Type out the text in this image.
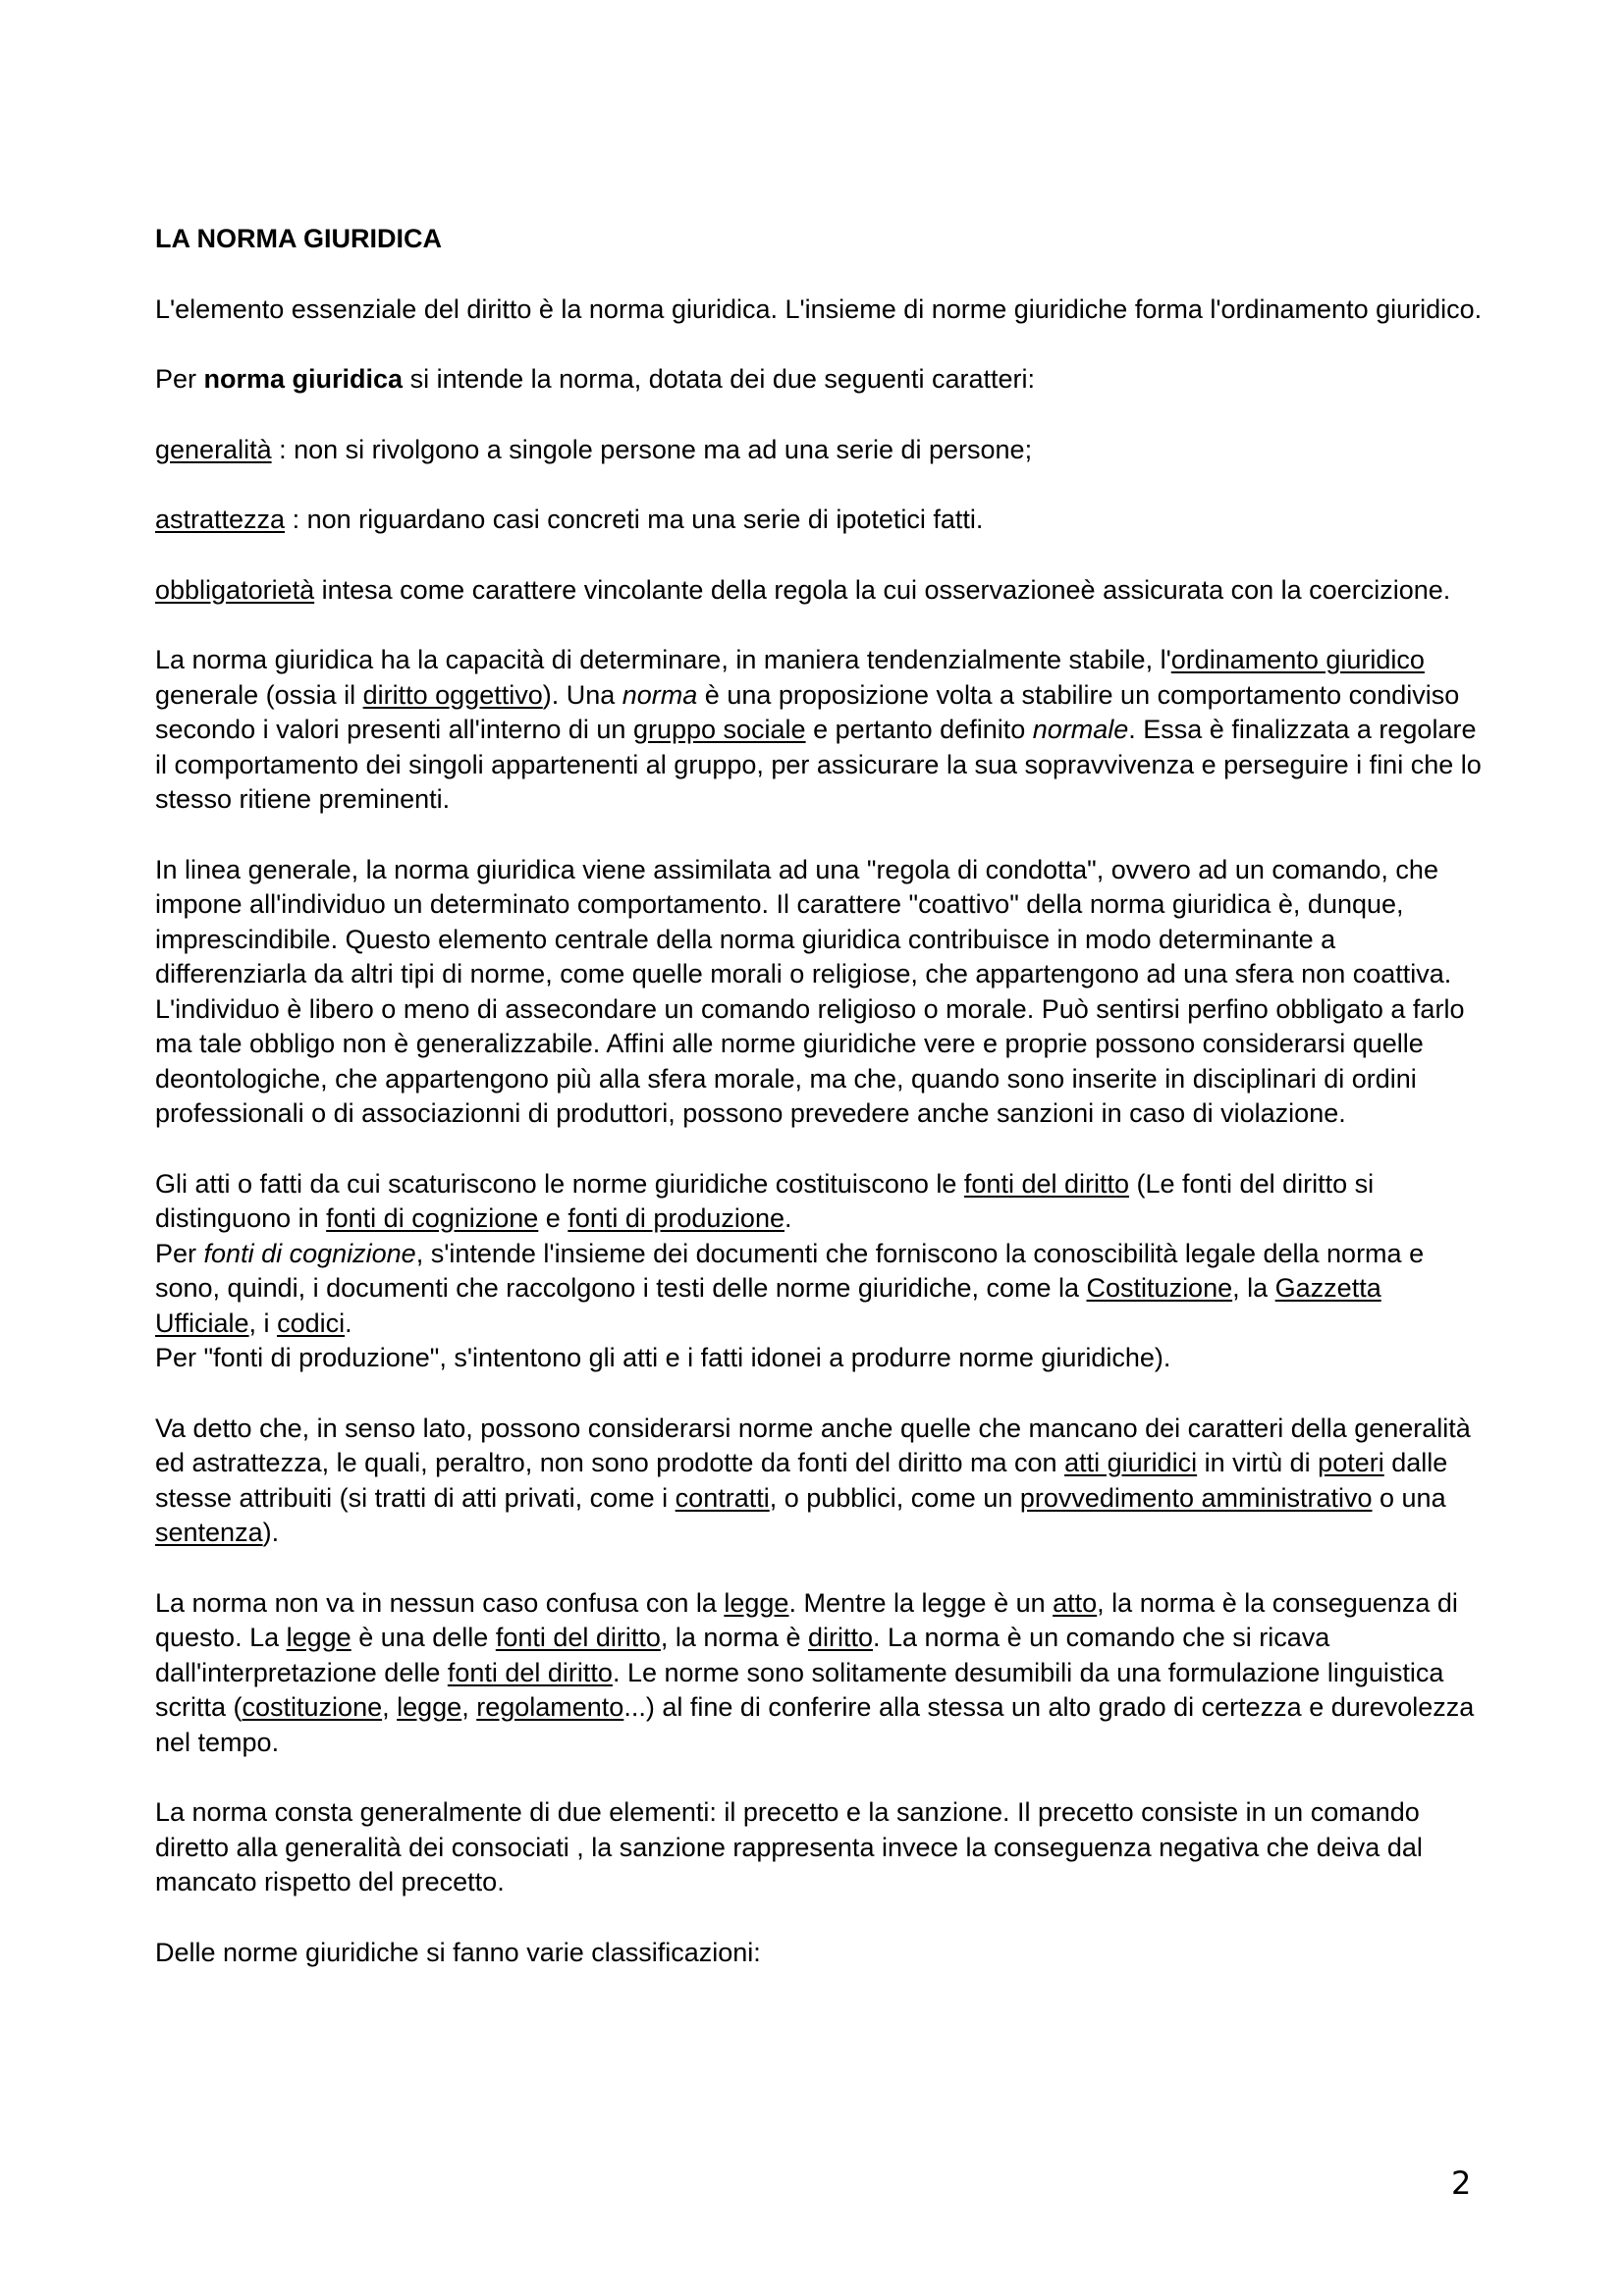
LA NORMA GIURIDICA

L'elemento essenziale del diritto è la norma giuridica. L'insieme di norme giuridiche forma l'ordinamento giuridico.

Per norma giuridica si intende la norma, dotata dei due seguenti caratteri:

generalità : non si rivolgono a singole persone ma ad una serie di persone;

astrattezza : non riguardano casi concreti ma una serie di ipotetici fatti.

obbligatorietà intesa come carattere vincolante della regola la cui osservazioneè assicurata con la coercizione.

La norma giuridica ha la capacità di determinare, in maniera tendenzialmente stabile, l'ordinamento giuridico generale (ossia il diritto oggettivo). Una norma è una proposizione volta a stabilire un comportamento condiviso secondo i valori presenti all'interno di un gruppo sociale e pertanto definito normale. Essa è finalizzata a regolare il comportamento dei singoli appartenenti al gruppo, per assicurare la sua sopravvivenza e perseguire i fini che lo stesso ritiene preminenti.

In linea generale, la norma giuridica viene assimilata ad una "regola di condotta", ovvero ad un comando, che impone all'individuo un determinato comportamento. Il carattere "coattivo" della norma giuridica è, dunque, imprescindibile. Questo elemento centrale della norma giuridica contribuisce in modo determinante a differenziarla da altri tipi di norme, come quelle morali o religiose, che appartengono ad una sfera non coattiva. L'individuo è libero o meno di assecondare un comando religioso o morale. Può sentirsi perfino obbligato a farlo ma tale obbligo non è generalizzabile. Affini alle norme giuridiche vere e proprie possono considerarsi quelle deontologiche, che appartengono più alla sfera morale, ma che, quando sono inserite in disciplinari di ordini professionali o di associazionni di produttori, possono prevedere anche sanzioni in caso di violazione.

Gli atti o fatti da cui scaturiscono le norme giuridiche costituiscono le fonti del diritto (Le fonti del diritto si distinguono in fonti di cognizione e fonti di produzione.

Per fonti di cognizione, s'intende l'insieme dei documenti che forniscono la conoscibilità legale della norma e sono, quindi, i documenti che raccolgono i testi delle norme giuridiche, come la Costituzione, la Gazzetta Ufficiale, i codici.

Per "fonti di produzione", s'intentono gli atti e i fatti idonei a produrre norme giuridiche).

Va detto che, in senso lato, possono considerarsi norme anche quelle che mancano dei caratteri della generalità ed astrattezza, le quali, peraltro, non sono prodotte da fonti del diritto ma con atti giuridici in virtù di poteri dalle stesse attribuiti (si tratti di atti privati, come i contratti, o pubblici, come un provvedimento amministrativo o una sentenza).

La norma non va in nessun caso confusa con la legge. Mentre la legge è un atto, la norma è la conseguenza di questo. La legge è una delle fonti del diritto, la norma è diritto. La norma è un comando che si ricava dall'interpretazione delle fonti del diritto. Le norme sono solitamente desumibili da una formulazione linguistica scritta (costituzione, legge, regolamento...) al fine di conferire alla stessa un alto grado di certezza e durevolezza nel tempo.

La norma consta generalmente di due elementi: il precetto e la sanzione. Il precetto consiste in un comando diretto alla generalità dei consociati , la sanzione rappresenta invece la conseguenza negativa che deiva dal mancato rispetto del precetto.

Delle norme giuridiche si fanno varie classificazioni:

2
